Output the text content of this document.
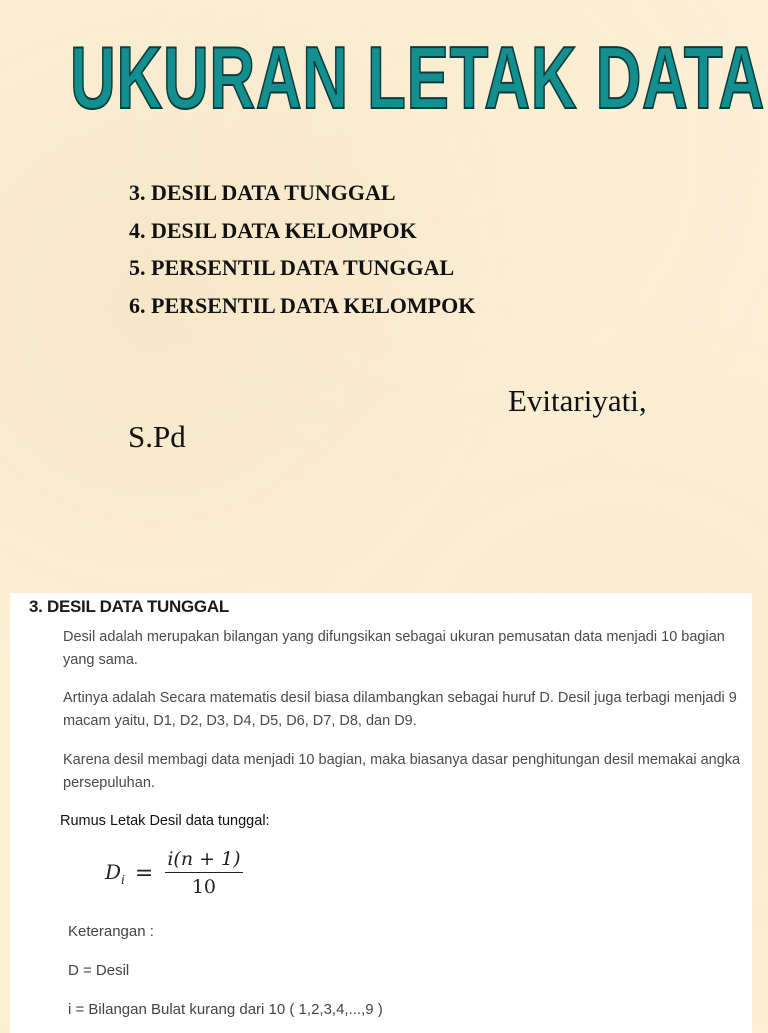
UKURAN LETAK DATA
3. DESIL DATA TUNGGAL
4. DESIL DATA KELOMPOK
5. PERSENTIL DATA TUNGGAL
6. PERSENTIL DATA KELOMPOK
Evitariyati,
S.Pd
3. DESIL DATA TUNGGAL
Desil adalah merupakan bilangan yang difungsikan sebagai ukuran pemusatan data menjadi 10 bagian yang sama.
Artinya adalah Secara matematis desil biasa dilambangkan sebagai huruf D. Desil juga terbagi menjadi 9 macam yaitu, D1, D2, D3, D4, D5, D6, D7, D8, dan D9.
Karena desil membagi data menjadi 10 bagian, maka biasanya dasar penghitungan desil memakai angka persepuluhan.
Rumus Letak Desil data tunggal:
$D_i = \frac{i(n + 1)}{10}$
Keterangan :
D = Desil
i = Bilangan Bulat kurang dari 10 ( 1,2,3,4,...,9 )
